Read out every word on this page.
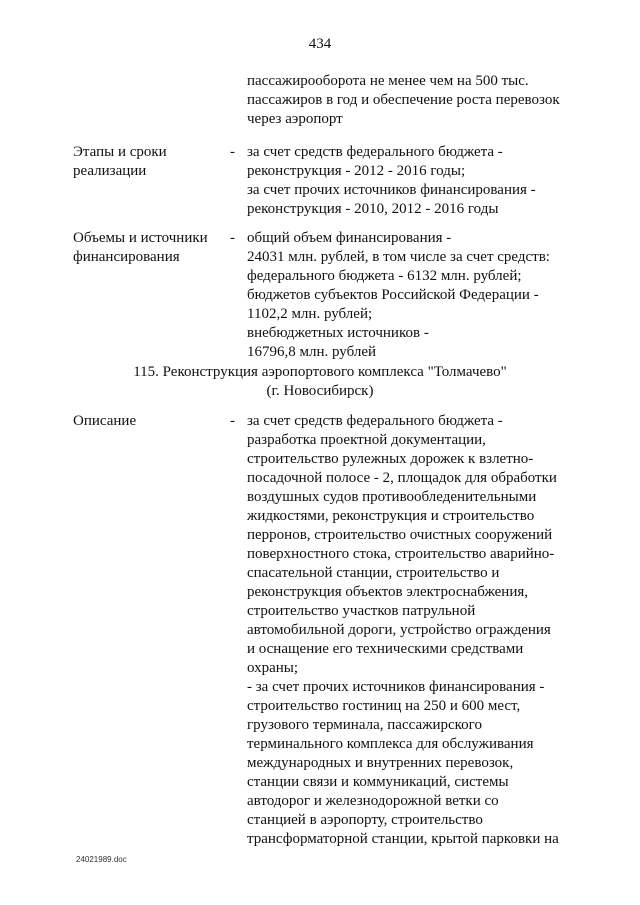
434
пассажирооборота не менее чем на 500 тыс.
пассажиров в год и обеспечение роста перевозок
через аэропорт
Этапы и сроки
реализации
- за счет средств федерального бюджета -
реконструкция - 2012 - 2016 годы;
за счет прочих источников финансирования -
реконструкция - 2010, 2012 - 2016 годы
Объемы и источники
финансирования
- общий объем финансирования -
24031 млн. рублей, в том числе за счет средств:
федерального бюджета - 6132 млн. рублей;
бюджетов субъектов Российской Федерации -
1102,2 млн. рублей;
внебюджетных источников -
16796,8 млн. рублей
115. Реконструкция аэропортового комплекса "Толмачево"
(г. Новосибирск)
Описание	- за счет средств федерального бюджета -
разработка проектной документации,
строительство рулежных дорожек к взлетно-
посадочной полосе - 2, площадок для обработки
воздушных судов противообледенительными
жидкостями, реконструкция и строительство
перронов, строительство очистных сооружений
поверхностного стока, строительство аварийно-
спасательной станции, строительство и
реконструкция объектов электроснабжения,
строительство участков патрульной
автомобильной дороги, устройство ограждения
и оснащение его техническими средствами
охраны;
- за счет прочих источников финансирования -
строительство гостиниц на 250 и 600 мест,
грузового терминала, пассажирского
терминального комплекса для обслуживания
международных и внутренних перевозок,
станции связи и коммуникаций, системы
автодорог и железнодорожной ветки со
станцией в аэропорту, строительство
трансформаторной станции, крытой парковки на
24021989.doc
